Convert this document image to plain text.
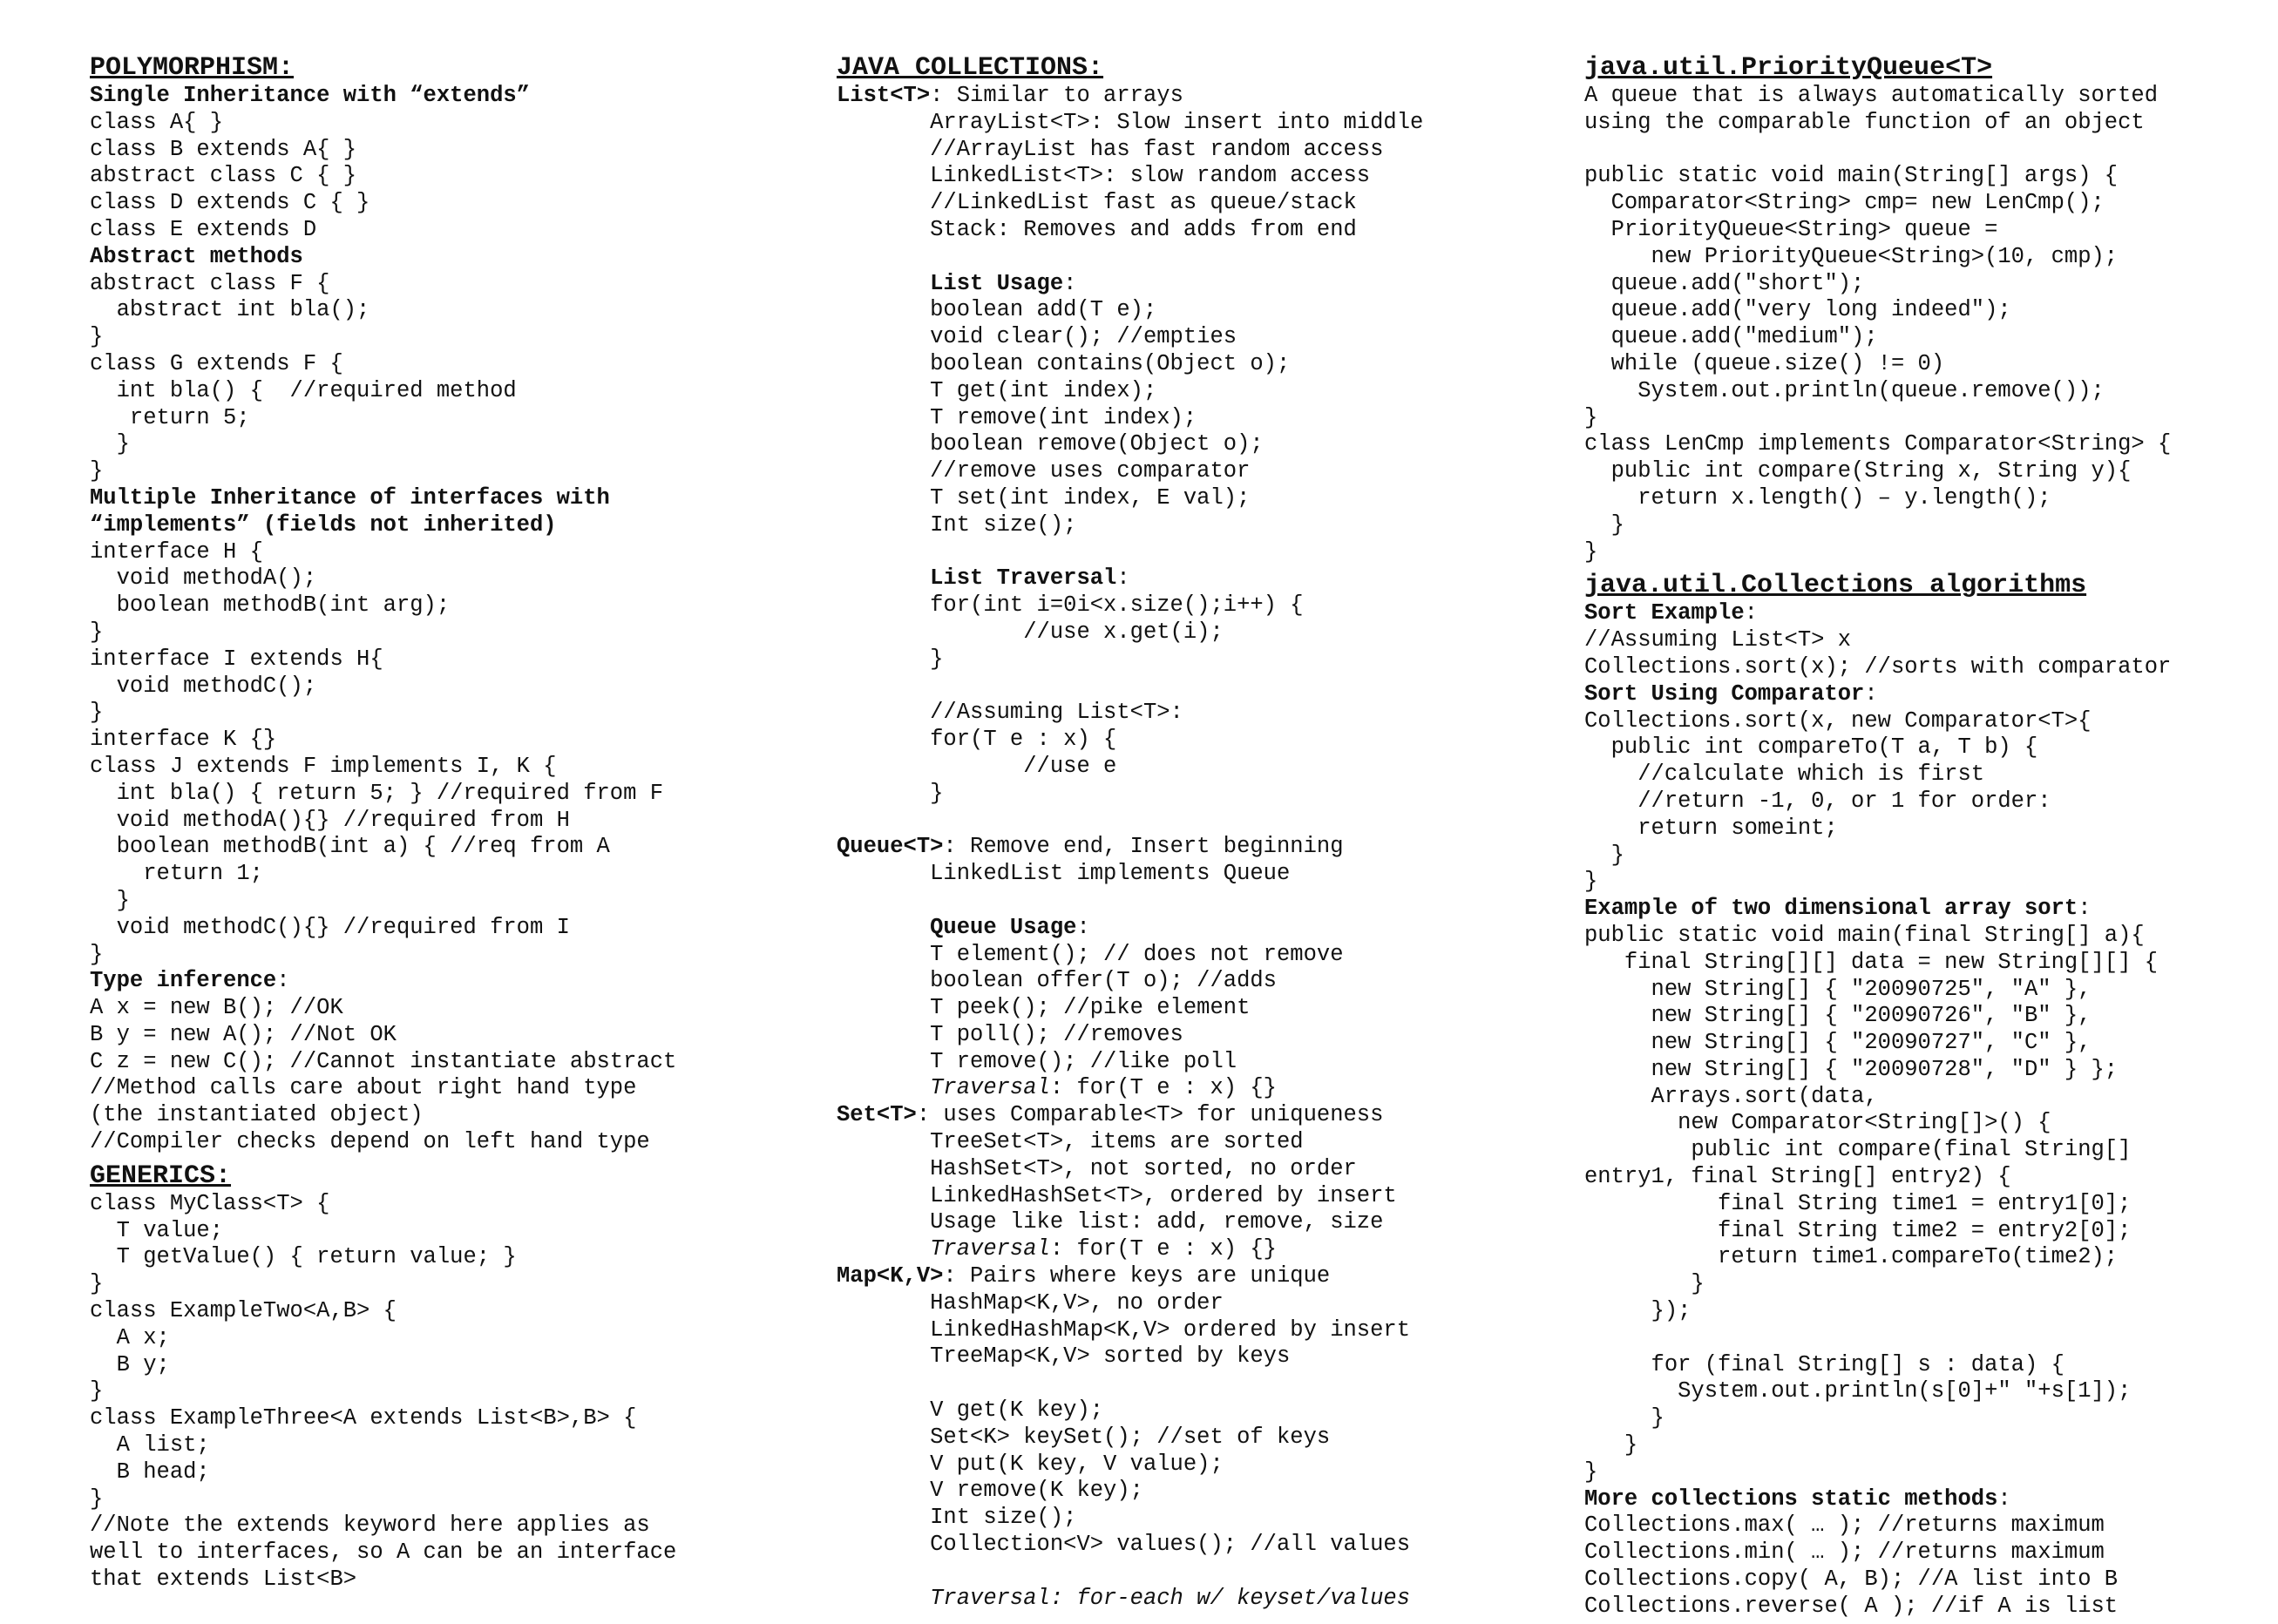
POLYMORPHISM:
Single Inheritance with “extends”
class A{ }
class B extends A{ }
abstract class C { }
class D extends C { }
class E extends D
Abstract methods
abstract class F {
abstract int bla();
}
class G extends F {
int bla() {  //required method
return 5;
}
}
Multiple Inheritance of interfaces with
“implements” (fields not inherited)
interface H {
void methodA();
boolean methodB(int arg);
}
interface I extends H{
void methodC();
}
interface K {}
class J extends F implements I, K {
int bla() { return 5; } //required from F
void methodA(){} //required from H
boolean methodB(int a) { //req from A
return 1;
}
void methodC(){} //required from I
}
Type inference:
A x = new B(); //OK
B y = new A(); //Not OK
C z = new C(); //Cannot instantiate abstract
//Method calls care about right hand type
(the instantiated object)
//Compiler checks depend on left hand type
GENERICS:
class MyClass<T> {
T value;
T getValue() { return value; }
}
class ExampleTwo<A,B> {
A x;
B y;
}
class ExampleThree<A extends List<B>,B> {
A list;
B head;
}
//Note the extends keyword here applies as
well to interfaces, so A can be an interface
that extends List<B>
JAVA COLLECTIONS:
List<T>: Similar to arrays
ArrayList<T>: Slow insert into middle
//ArrayList has fast random access
LinkedList<T>: slow random access
//LinkedList fast as queue/stack
Stack: Removes and adds from end
List Usage:
boolean add(T e);
void clear(); //empties
boolean contains(Object o);
T get(int index);
T remove(int index);
boolean remove(Object o);
//remove uses comparator
T set(int index, E val);
Int size();
List Traversal:
for(int i=0i<x.size();i++) {
//use x.get(i);
}
//Assuming List<T>:
for(T e : x) {
//use e
}
Queue<T>: Remove end, Insert beginning
LinkedList implements Queue
Queue Usage:
T element(); // does not remove
boolean offer(T o); //adds
T peek(); //pike element
T poll(); //removes
T remove(); //like poll
Traversal: for(T e : x) {}
Set<T>: uses Comparable<T> for uniqueness
TreeSet<T>, items are sorted
HashSet<T>, not sorted, no order
LinkedHashSet<T>, ordered by insert
Usage like list: add, remove, size
Traversal: for(T e : x) {}
Map<K,V>: Pairs where keys are unique
HashMap<K,V>, no order
LinkedHashMap<K,V> ordered by insert
TreeMap<K,V> sorted by keys
V get(K key);
Set<K> keySet(); //set of keys
V put(K key, V value);
V remove(K key);
Int size();
Collection<V> values(); //all values
Traversal: for-each w/ keyset/values
java.util.PriorityQueue<T>
A queue that is always automatically sorted
using the comparable function of an object
public static void main(String[] args) {
Comparator<String> cmp= new LenCmp();
PriorityQueue<String> queue =
new PriorityQueue<String>(10, cmp);
queue.add("short");
queue.add("very long indeed");
queue.add("medium");
while (queue.size() != 0)
System.out.println(queue.remove());
}
class LenCmp implements Comparator<String> {
public int compare(String x, String y){
return x.length() – y.length();
}
}
java.util.Collections algorithms
Sort Example:
//Assuming List<T> x
Collections.sort(x); //sorts with comparator
Sort Using Comparator:
Collections.sort(x, new Comparator<T>{
public int compareTo(T a, T b) {
//calculate which is first
//return -1, 0, or 1 for order:
return someint;
}
}
Example of two dimensional array sort:
public static void main(final String[] a){
final String[][] data = new String[][] {
new String[] { "20090725", "A" },
new String[] { "20090726", "B" },
new String[] { "20090727", "C" },
new String[] { "20090728", "D" } };
Arrays.sort(data,
new Comparator<String[]>() {
public int compare(final String[]
entry1, final String[] entry2) {
final String time1 = entry1[0];
final String time2 = entry2[0];
return time1.compareTo(time2);
}
});
for (final String[] s : data) {
System.out.println(s[0]+" "+s[1]);
}
}
}
More collections static methods:
Collections.max( … ); //returns maximum
Collections.min( … ); //returns maximum
Collections.copy( A, B); //A list into B
Collections.reverse( A ); //if A is list
